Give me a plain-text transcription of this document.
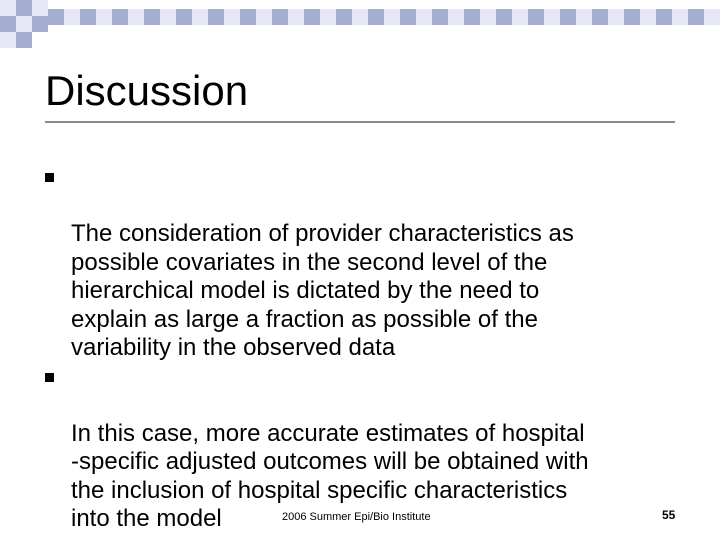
Discussion

The consideration of provider characteristics as
possible covariates in the second level of the
hierarchical model is dictated by the need to
explain as large a fraction as possible of the
variability in the observed data

In this case, more accurate estimates of hospital
-specific adjusted outcomes will be obtained with
the inclusion of hospital specific characteristics
into the model	2006 Summer Epi/Bio Institute	55
